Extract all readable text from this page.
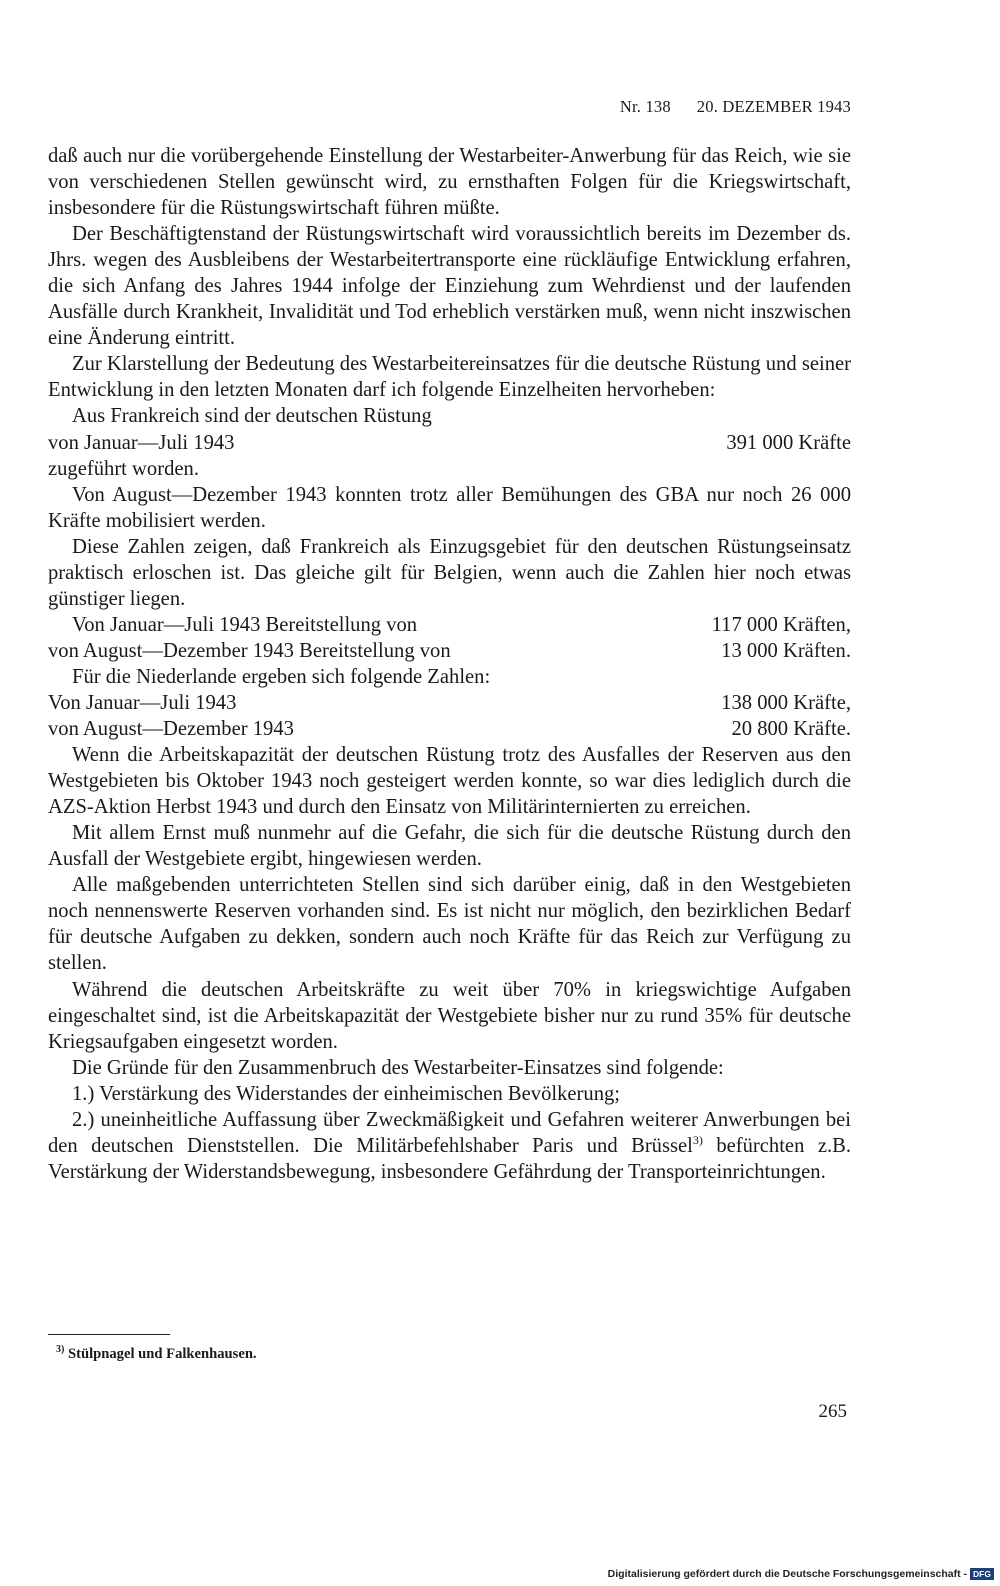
Nr. 138 20. DEZEMBER 1943

daß auch nur die vorübergehende Einstellung der Westarbeiter-Anwerbung für das Reich, wie sie von verschiedenen Stellen gewünscht wird, zu ernsthaften Folgen für die Kriegswirtschaft, insbesondere für die Rüstungswirtschaft führen müßte.

Der Beschäftigtenstand der Rüstungswirtschaft wird voraussichtlich bereits im Dezember ds. Jhrs. wegen des Ausbleibens der Westarbeitertransporte eine rückläufige Entwicklung erfahren, die sich Anfang des Jahres 1944 infolge der Einziehung zum Wehrdienst und der laufenden Ausfälle durch Krankheit, Invalidität und Tod erheblich verstärken muß, wenn nicht inszwischen eine Änderung eintritt.

Zur Klarstellung der Bedeutung des Westarbeitereinsatzes für die deutsche Rüstung und seiner Entwicklung in den letzten Monaten darf ich folgende Einzelheiten hervorheben:

Aus Frankreich sind der deutschen Rüstung

von Januar—Juli 1943	391 000 Kräfte

zugeführt worden.

Von August—Dezember 1943 konnten trotz aller Bemühungen des GBA nur noch 26 000 Kräfte mobilisiert werden.

Diese Zahlen zeigen, daß Frankreich als Einzugsgebiet für den deutschen Rüstungseinsatz praktisch erloschen ist. Das gleiche gilt für Belgien, wenn auch die Zahlen hier noch etwas günstiger liegen.

Von Januar—Juli 1943 Bereitstellung von	117 000 Kräften,
von August—Dezember 1943 Bereitstellung von	13 000 Kräften.

Für die Niederlande ergeben sich folgende Zahlen:

Von Januar—Juli 1943	138 000 Kräfte,
von August—Dezember 1943	20 800 Kräfte.

Wenn die Arbeitskapazität der deutschen Rüstung trotz des Ausfalles der Reserven aus den Westgebieten bis Oktober 1943 noch gesteigert werden konnte, so war dies lediglich durch die AZS-Aktion Herbst 1943 und durch den Einsatz von Militärinternierten zu erreichen.

Mit allem Ernst muß nunmehr auf die Gefahr, die sich für die deutsche Rüstung durch den Ausfall der Westgebiete ergibt, hingewiesen werden.

Alle maßgebenden unterrichteten Stellen sind sich darüber einig, daß in den Westgebieten noch nennenswerte Reserven vorhanden sind. Es ist nicht nur möglich, den bezirklichen Bedarf für deutsche Aufgaben zu dekken, sondern auch noch Kräfte für das Reich zur Verfügung zu stellen.

Während die deutschen Arbeitskräfte zu weit über 70% in kriegswichtige Aufgaben eingeschaltet sind, ist die Arbeitskapazität der Westgebiete bisher nur zu rund 35% für deutsche Kriegsaufgaben eingesetzt worden.

Die Gründe für den Zusammenbruch des Westarbeiter-Einsatzes sind folgende:

1.) Verstärkung des Widerstandes der einheimischen Bevölkerung;

2.) uneinheitliche Auffassung über Zweckmäßigkeit und Gefahren weiterer Anwerbungen bei den deutschen Dienststellen. Die Militärbefehlshaber Paris und Brüssel$^{3)}$ befürchten z.B. Verstärkung der Widerstandsbewegung, insbesondere Gefährdung der Transporteinrichtungen.

$^{3)}$ Stülpnagel und Falkenhausen.
265
Digitalisierung gefördert durch die Deutsche Forschungsgemeinschaft - DFG
